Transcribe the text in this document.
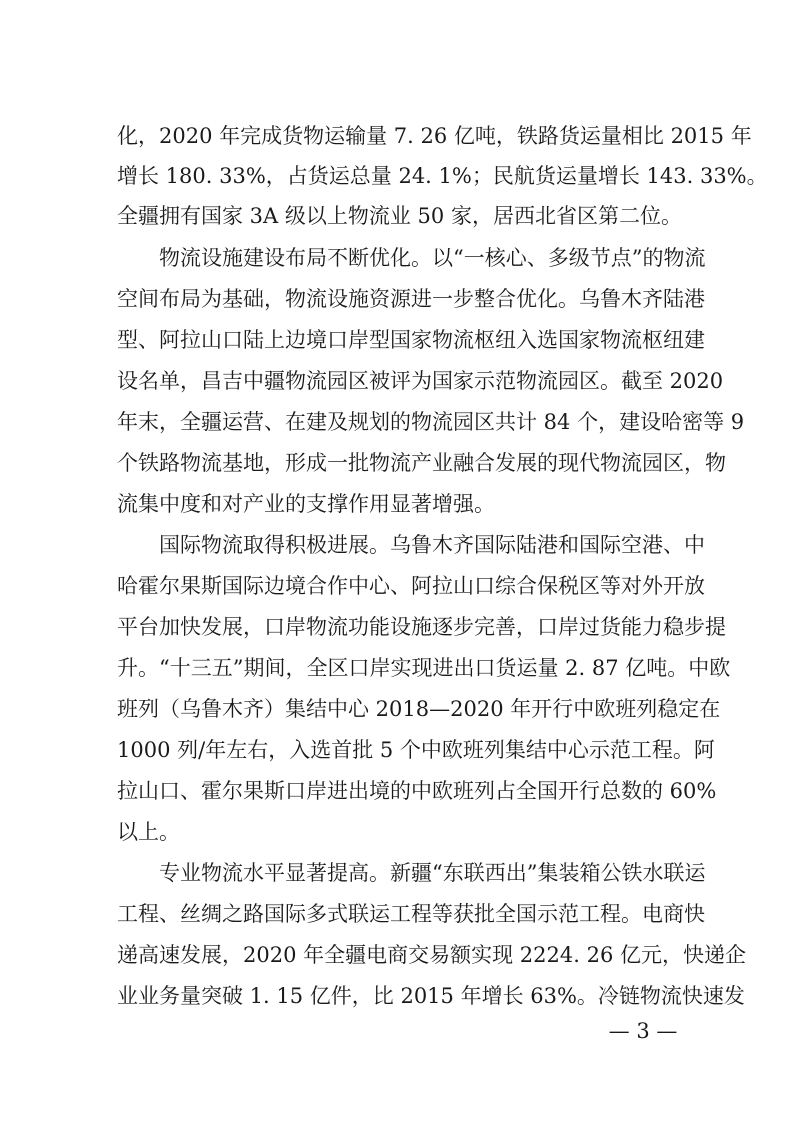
化，2020 年完成货物运输量 7. 26 亿吨，铁路货运量相比 2015 年
增长 180. 33%，占货运总量 24. 1%；民航货运量增长 143. 33%。
全疆拥有国家 3A 级以上物流业 50 家，居西北省区第二位。
物流设施建设布局不断优化。以“一核心、多级节点”的物流
空间布局为基础，物流设施资源进一步整合优化。乌鲁木齐陆港
型、阿拉山口陆上边境口岸型国家物流枢纽入选国家物流枢纽建
设名单，昌吉中疆物流园区被评为国家示范物流园区。截至 2020
年末，全疆运营、在建及规划的物流园区共计 84 个，建设哈密等 9
个铁路物流基地，形成一批物流产业融合发展的现代物流园区，物
流集中度和对产业的支撑作用显著增强。
国际物流取得积极进展。乌鲁木齐国际陆港和国际空港、中
哈霍尔果斯国际边境合作中心、阿拉山口综合保税区等对外开放
平台加快发展，口岸物流功能设施逐步完善，口岸过货能力稳步提
升。“十三五”期间，全区口岸实现进出口货运量 2. 87 亿吨。中欧
班列（乌鲁木齐）集结中心 2018—2020 年开行中欧班列稳定在
1000 列/年左右，入选首批 5 个中欧班列集结中心示范工程。阿
拉山口、霍尔果斯口岸进出境的中欧班列占全国开行总数的 60%
以上。
专业物流水平显著提高。新疆“东联西出”集装箱公铁水联运
工程、丝绸之路国际多式联运工程等获批全国示范工程。电商快
递高速发展，2020 年全疆电商交易额实现 2224. 26 亿元，快递企
业业务量突破 1. 15 亿件，比 2015 年增长 63%。冷链物流快速发
— 3 —
